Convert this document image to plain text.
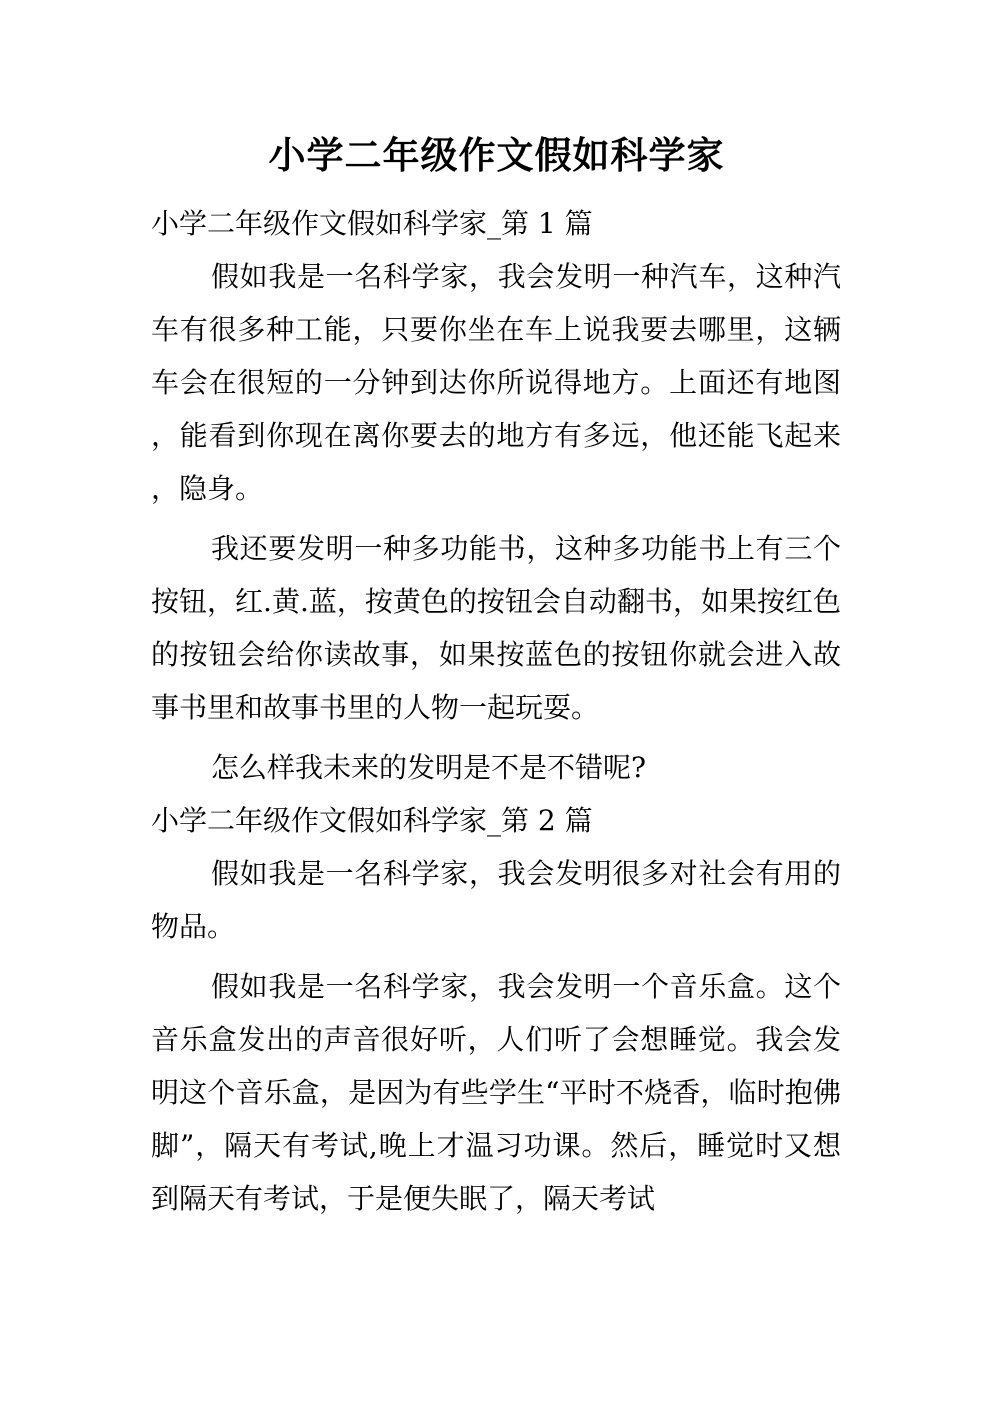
小学二年级作文假如科学家
小学二年级作文假如科学家_第 1 篇

假如我是一名科学家，我会发明一种汽车，这种汽车有很多种工能，只要你坐在车上说我要去哪里，这辆车会在很短的一分钟到达你所说得地方。上面还有地图，能看到你现在离你要去的地方有多远，他还能飞起来，隐身。

我还要发明一种多功能书，这种多功能书上有三个按钮，红.黄.蓝，按黄色的按钮会自动翻书，如果按红色的按钮会给你读故事，如果按蓝色的按钮你就会进入故事书里和故事书里的人物一起玩耍。

怎么样我未来的发明是不是不错呢?

小学二年级作文假如科学家_第 2 篇

假如我是一名科学家，我会发明很多对社会有用的物品。

假如我是一名科学家，我会发明一个音乐盒。这个音乐盒发出的声音很好听，人们听了会想睡觉。我会发明这个音乐盒，是因为有些学生“平时不烧香，临时抱佛脚”，隔天有考试,晚上才温习功课。然后，睡觉时又想到隔天有考试，于是便失眠了，隔天考试
